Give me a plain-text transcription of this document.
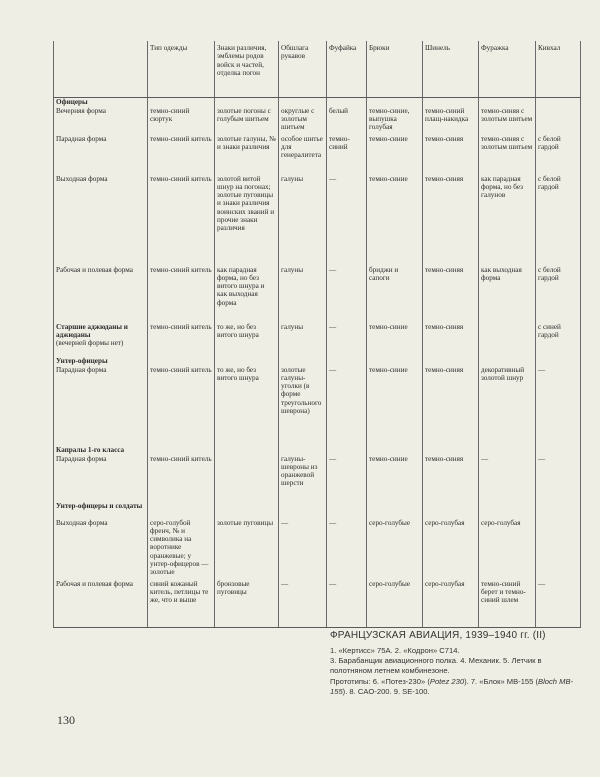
	Тип одежды	Знаки различия, эмблемы родов войск и частей, отделка погон	Обшлага рукавов	Фуфайка	Брюки	Шинель	Фуражка	Кивхал
Офицеры								
Вечерняя форма	темно-синий сюртук	золотые погоны с голубым шитьем	округлые с золотым шитьем	белый	темно-синие, выпушка голубая	темно-синий плащ-накидка	темно-синяя с золотым шитьем	
Парадная форма	темно-синий китель	золотые галуны, № и знаки различия	особое шитье для генералитета	темно-синий	темно-синие	темно-синяя	темно-синяя с золотым шитьем	с белой гардой
Выходная форма	темно-синий китель	золотой витой шнур на погонах; золотые пуговицы и знаки различия воинских званий и прочие знаки различия	галуны	—	темно-синие	темно-синяя	как парадная форма, но без галунов	с белой гардой
Рабочая и полевая форма	темно-синий китель	как парадная форма, но без витого шнура и как выходная форма	галуны	—	бриджи и сапоги	темно-синяя	как выходная форма	с белой гардой

Старшие аджюданы и аджюданы
(вечерней формы нет)	темно-синий китель	то же, но без витого шнура	галуны	—	темно-синие	темно-синяя		с синей гардой
Унтер-офицеры								
Парадная форма	темно-синий китель	то же, но без витого шнура	золотые галуны-уголки (в форме треугольного шеврона)	—	темно-синие	темно-синяя	декоративный золотой шнур	—
Капралы 1-го класса								
Парадная форма	темно-синий китель		галуны-шевроны из оранжевой шерсти	—	темно-синие	темно-синяя	—	—
Унтер-офицеры и солдаты								
Выходная форма	серо-голубой френч, № и символика на воротнике оранжевые; у унтер-офицеров — золотые	золотые пуговицы	—	—	серо-голубые	серо-голубая	серо-голубая	
Рабочая и полевая форма	синий кожаный китель, петлицы те же, что и выше	бронзовые пуговицы	—	—	серо-голубые	серо-голубая	темно-синий берет и темно-синий шлем	—
ФРАНЦУЗСКАЯ АВИАЦИЯ, 1939–1940 гг. (II)
1. «Кертисс» 75А. 2. «Кодрон» C714.
3. Барабанщик авиационного полка. 4. Механик. 5. Летчик в полотняном летнем комбинезоне.
Прототипы: 6. «Потез-230» (Potez 230). 7. «Блок» МВ-155 (Bloch MB-155). 8. CAO-200. 9. SE-100.
130
